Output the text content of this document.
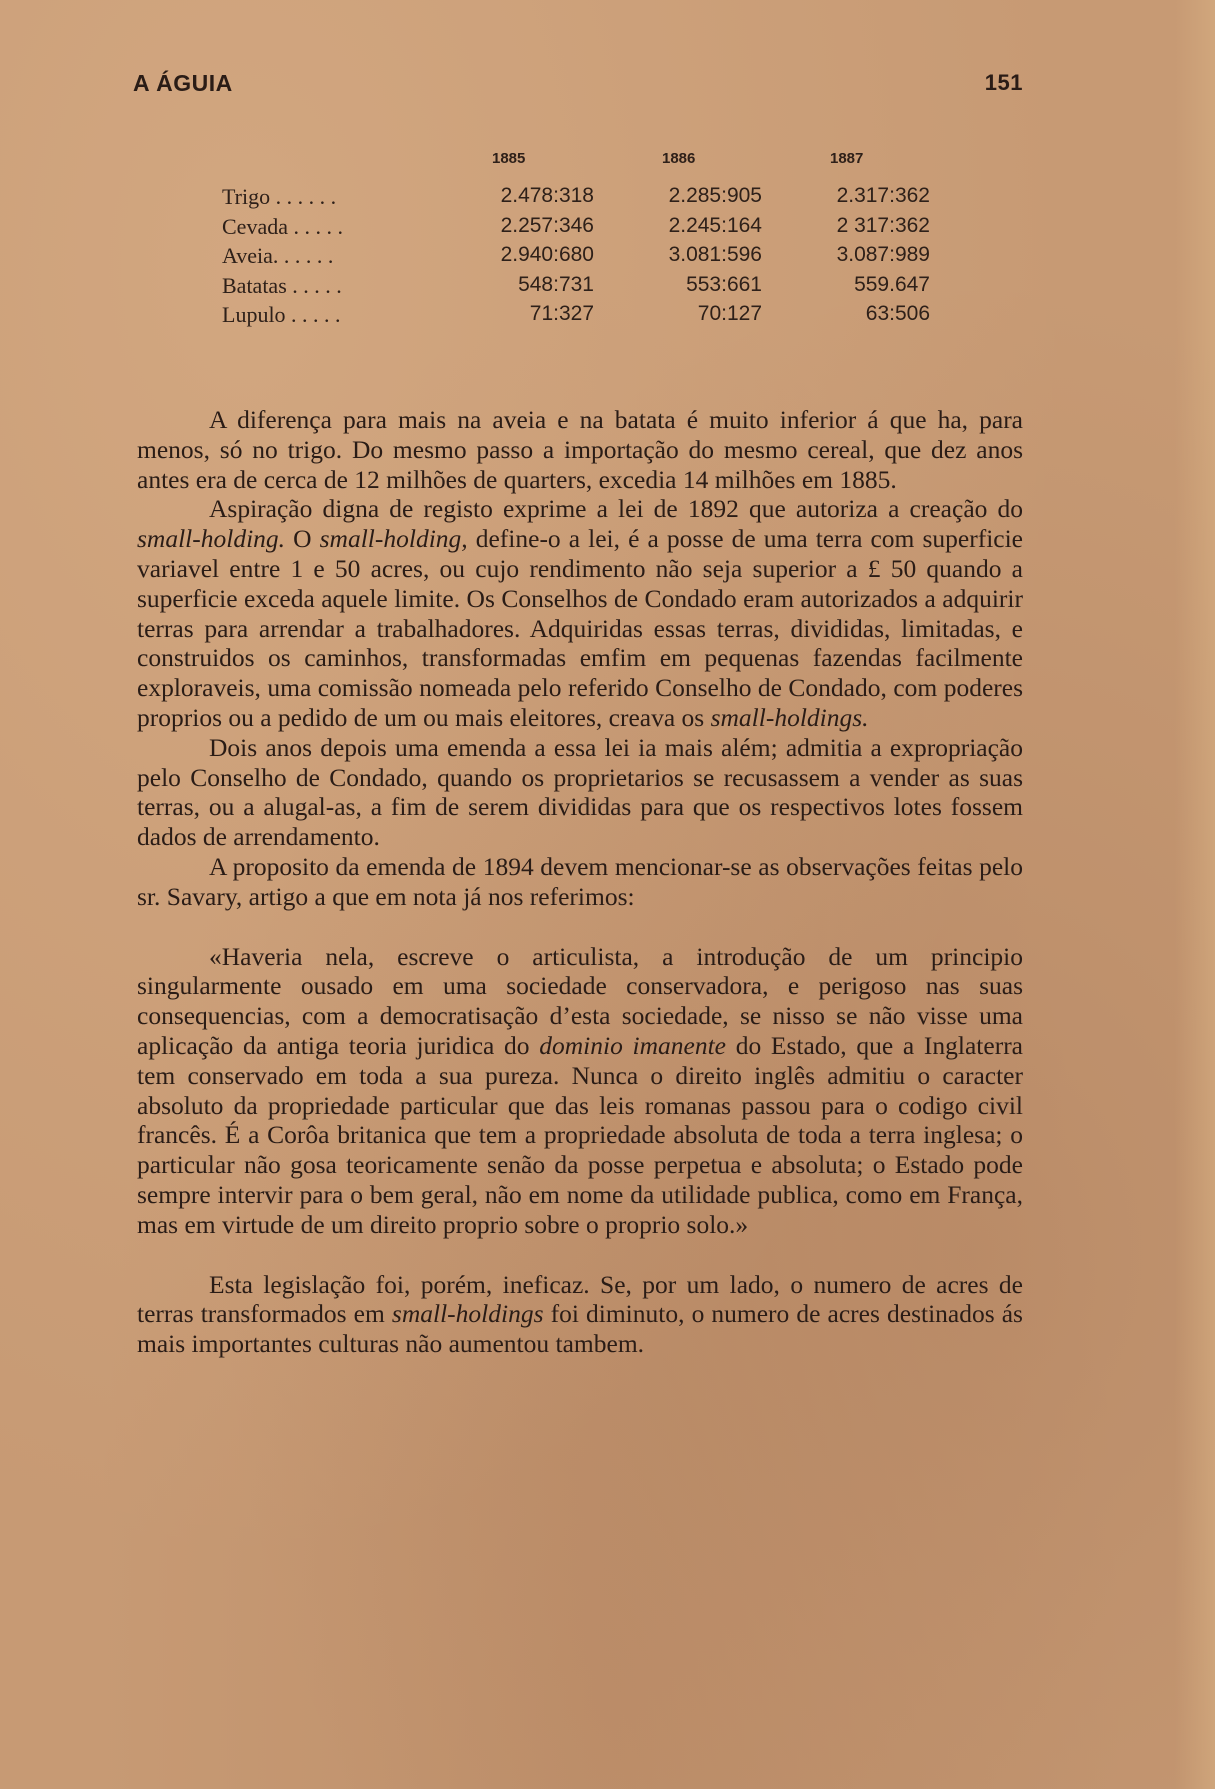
A ÁGUIA	151
1885	1886	1887
Trigo . . . . . .	2.478:318	2.285:905	2.317:362
Cevada . . . . .	2.257:346	2.245:164	2 317:362
Aveia. . . . . .	2.940:680	3.081:596	3.087:989
Batatas . . . . .	548:731	553:661	559.647
Lupulo . . . . .	71:327	70:127	63:506

A diferença para mais na aveia e na batata é muito inferior á que ha, para menos, só no trigo. Do mesmo passo a importação do mesmo cereal, que dez anos antes era de cerca de 12 milhões de quarters, excedia 14 milhões em 1885.

Aspiração digna de registo exprime a lei de 1892 que autoriza a creação do small-holding. O small-holding, define-o a lei, é a posse de uma terra com superficie variavel entre 1 e 50 acres, ou cujo rendimento não seja superior a £ 50 quando a superficie exceda aquele limite. Os Conselhos de Condado eram autorizados a adquirir terras para arrendar a trabalhadores. Adquiridas essas terras, divididas, limitadas, e construidos os caminhos, transformadas emfim em pequenas fazendas facilmente exploraveis, uma comissão nomeada pelo referido Conselho de Condado, com poderes proprios ou a pedido de um ou mais eleitores, creava os small-holdings.

Dois anos depois uma emenda a essa lei ia mais além; admitia a expropriação pelo Conselho de Condado, quando os proprietarios se recusassem a vender as suas terras, ou a alugal-as, a fim de serem divididas para que os respectivos lotes fossem dados de arrendamento.

A proposito da emenda de 1894 devem mencionar-se as observações feitas pelo sr. Savary, artigo a que em nota já nos referimos:

«Haveria nela, escreve o articulista, a introdução de um principio singularmente ousado em uma sociedade conservadora, e perigoso nas suas consequencias, com a democratisação d’esta sociedade, se nisso se não visse uma aplicação da antiga teoria juridica do dominio imanente do Estado, que a Inglaterra tem conservado em toda a sua pureza. Nunca o direito inglês admitiu o caracter absoluto da propriedade particular que das leis romanas passou para o codigo civil francês. É a Corôa britanica que tem a propriedade absoluta de toda a terra inglesa; o particular não gosa teoricamente senão da posse perpetua e absoluta; o Estado pode sempre intervir para o bem geral, não em nome da utilidade publica, como em França, mas em virtude de um direito proprio sobre o proprio solo.»

Esta legislação foi, porém, ineficaz. Se, por um lado, o numero de acres de terras transformados em small-holdings foi diminuto, o numero de acres destinados ás mais importantes culturas não aumentou tambem.
